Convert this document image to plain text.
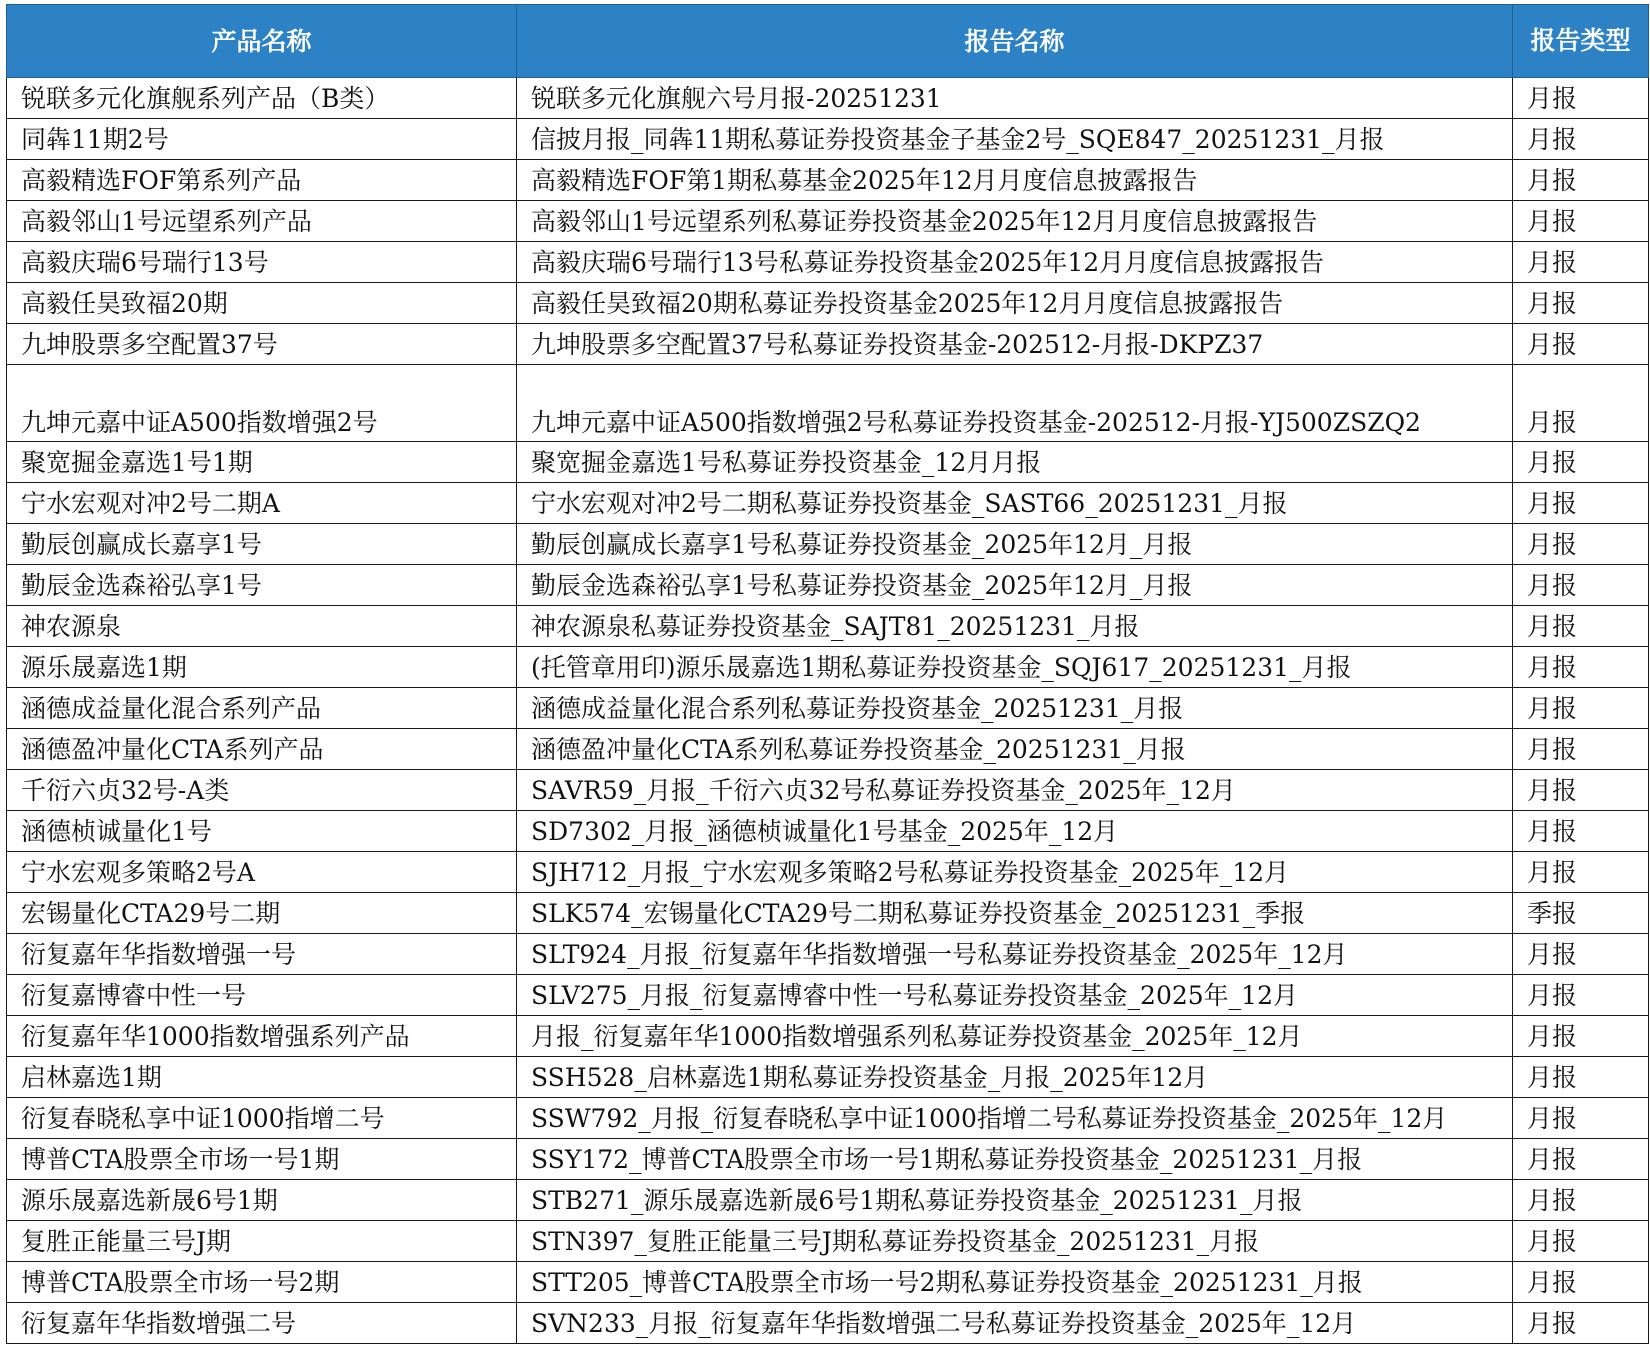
产品名称	报告名称	报告类型
锐联多元化旗舰系列产品（B类）	锐联多元化旗舰六号月报-20251231	月报
同犇11期2号	信披月报_同犇11期私募证券投资基金子基金2号_SQE847_20251231_月报	月报
高毅精选FOF第系列产品	高毅精选FOF第1期私募基金2025年12月月度信息披露报告	月报
高毅邻山1号远望系列产品	高毅邻山1号远望系列私募证券投资基金2025年12月月度信息披露报告	月报
高毅庆瑞6号瑞行13号	高毅庆瑞6号瑞行13号私募证券投资基金2025年12月月度信息披露报告	月报
高毅任昊致福20期	高毅任昊致福20期私募证券投资基金2025年12月月度信息披露报告	月报
九坤股票多空配置37号	九坤股票多空配置37号私募证券投资基金-202512-月报-DKPZ37	月报
九坤元嘉中证A500指数增强2号	九坤元嘉中证A500指数增强2号私募证券投资基金-202512-月报-YJ500ZSZQ2	月报
聚宽掘金嘉选1号1期	聚宽掘金嘉选1号私募证券投资基金_12月月报	月报
宁水宏观对冲2号二期A	宁水宏观对冲2号二期私募证券投资基金_SAST66_20251231_月报	月报
勤辰创赢成长嘉享1号	勤辰创赢成长嘉享1号私募证券投资基金_2025年12月_月报	月报
勤辰金选森裕弘享1号	勤辰金选森裕弘享1号私募证券投资基金_2025年12月_月报	月报
神农源泉	神农源泉私募证券投资基金_SAJT81_20251231_月报	月报
源乐晟嘉选1期	(托管章用印)源乐晟嘉选1期私募证券投资基金_SQJ617_20251231_月报	月报
涵德成益量化混合系列产品	涵德成益量化混合系列私募证券投资基金_20251231_月报	月报
涵德盈冲量化CTA系列产品	涵德盈冲量化CTA系列私募证券投资基金_20251231_月报	月报
千衍六贞32号-A类	SAVR59_月报_千衍六贞32号私募证券投资基金_2025年_12月	月报
涵德桢诚量化1号	SD7302_月报_涵德桢诚量化1号基金_2025年_12月	月报
宁水宏观多策略2号A	SJH712_月报_宁水宏观多策略2号私募证券投资基金_2025年_12月	月报
宏锡量化CTA29号二期	SLK574_宏锡量化CTA29号二期私募证券投资基金_20251231_季报	季报
衍复嘉年华指数增强一号	SLT924_月报_衍复嘉年华指数增强一号私募证券投资基金_2025年_12月	月报
衍复嘉博睿中性一号	SLV275_月报_衍复嘉博睿中性一号私募证券投资基金_2025年_12月	月报
衍复嘉年华1000指数增强系列产品	月报_衍复嘉年华1000指数增强系列私募证券投资基金_2025年_12月	月报
启林嘉选1期	SSH528_启林嘉选1期私募证券投资基金_月报_2025年12月	月报
衍复春晓私享中证1000指增二号	SSW792_月报_衍复春晓私享中证1000指增二号私募证券投资基金_2025年_12月	月报
博普CTA股票全市场一号1期	SSY172_博普CTA股票全市场一号1期私募证券投资基金_20251231_月报	月报
源乐晟嘉选新晟6号1期	STB271_源乐晟嘉选新晟6号1期私募证券投资基金_20251231_月报	月报
复胜正能量三号J期	STN397_复胜正能量三号J期私募证券投资基金_20251231_月报	月报
博普CTA股票全市场一号2期	STT205_博普CTA股票全市场一号2期私募证券投资基金_20251231_月报	月报
衍复嘉年华指数增强二号	SVN233_月报_衍复嘉年华指数增强二号私募证券投资基金_2025年_12月	月报
